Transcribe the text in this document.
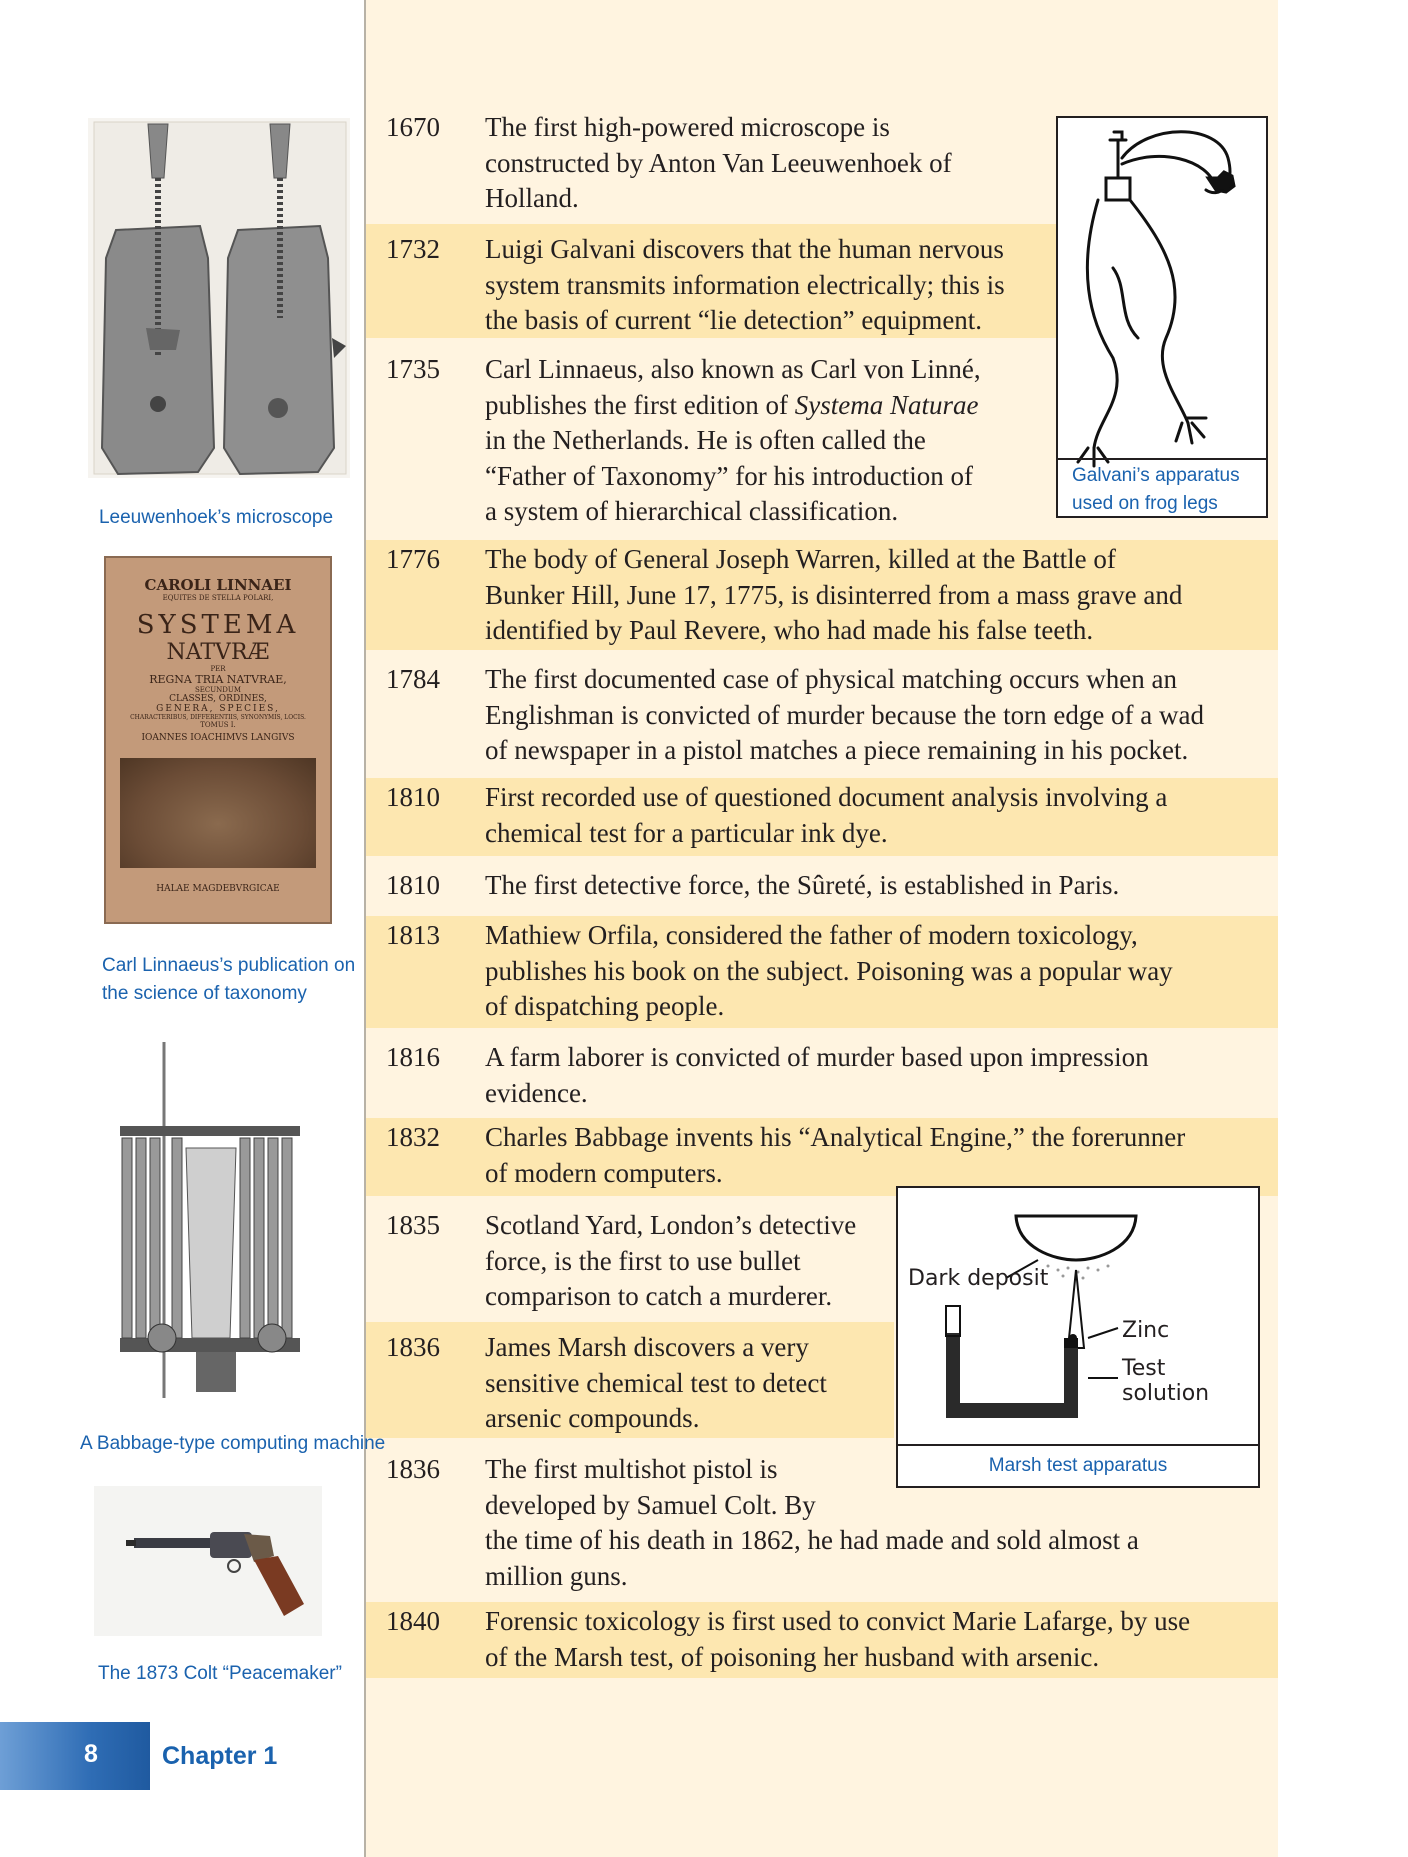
1670 The first high-powered microscope is
constructed by Anton Van Leeuwenhoek of
Holland.
1732 Luigi Galvani discovers that the human nervous
system transmits information electrically; this is
the basis of current “lie detection” equipment.
1735 Carl Linnaeus, also known as Carl von Linné,
publishes the first edition of Systema Naturae
in the Netherlands. He is often called the
“Father of Taxonomy” for his introduction of
a system of hierarchical classification.
1776 The body of General Joseph Warren, killed at the Battle of
Bunker Hill, June 17, 1775, is disinterred from a mass grave and
identified by Paul Revere, who had made his false teeth.
1784 The first documented case of physical matching occurs when an
Englishman is convicted of murder because the torn edge of a wad
of newspaper in a pistol matches a piece remaining in his pocket.
1810 First recorded use of questioned document analysis involving a
chemical test for a particular ink dye.
1810 The first detective force, the Sûreté, is established in Paris.
1813 Mathiew Orfila, considered the father of modern toxicology,
publishes his book on the subject. Poisoning was a popular way
of dispatching people.
1816 A farm laborer is convicted of murder based upon impression
evidence.
1832 Charles Babbage invents his “Analytical Engine,” the forerunner
of modern computers.
1835 Scotland Yard, London’s detective
force, is the first to use bullet
comparison to catch a murderer.
1836 James Marsh discovers a very
sensitive chemical test to detect
arsenic compounds.
1836 The first multishot pistol is
developed by Samuel Colt. By
the time of his death in 1862, he had made and sold almost a
million guns.
1840 Forensic toxicology is first used to convict Marie Lafarge, by use
of the Marsh test, of poisoning her husband with arsenic.
Galvani’s apparatus
used on frog legs
Dark deposit
Zinc
Test solution
Marsh test apparatus
Leeuwenhoek’s microscope
CAROLI LINNAEI
EQUITES DE STELLA POLARI,
SYSTEMA
NATVRÆ
PER
REGNA TRIA NATVRAE,
SECUNDUM
CLASSES, ORDINES,
GENERA, SPECIES,
CHARACTERIBUS, DIFFERENTIIS, SYNONYMIS, LOCIS.
TOMUS I.
IOANNES IOACHIMVS LANGIVS
HALAE MAGDEBVRGICAE
Carl Linnaeus’s publication on
the science of taxonomy
A Babbage-type computing machine
The 1873 Colt “Peacemaker”
8	Chapter 1
